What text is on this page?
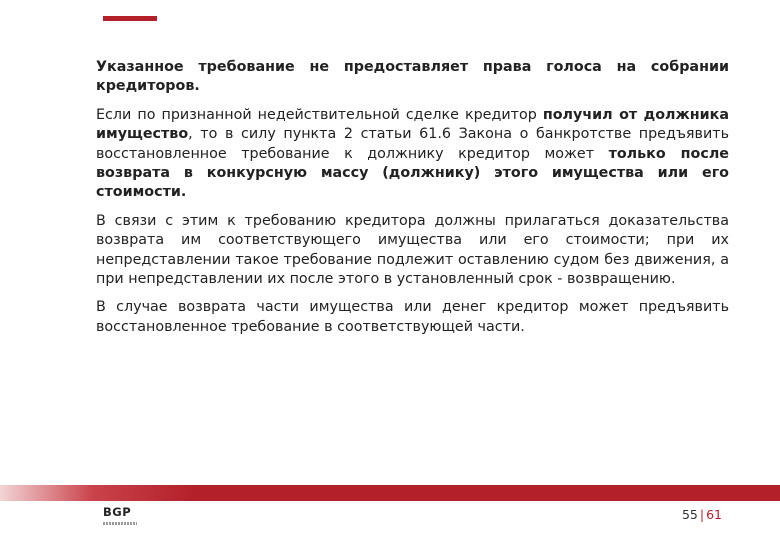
Указанное требование не предоставляет права голоса на собрании кредиторов.

Если по признанной недействительной сделке кредитор получил от должника имущество, то в силу пункта 2 статьи 61.6 Закона о банкротстве предъявить восстановленное требование к должнику кредитор может только после возврата в конкурсную массу (должнику) этого имущества или его стоимости.

В связи с этим к требованию кредитора должны прилагаться доказательства возврата им соответствующего имущества или его стоимости; при их непредставлении такое требование подлежит оставлению судом без движения, а при непредставлении их после этого в установленный срок - возвращению.

В случае возврата части имущества или денег кредитор может предъявить восстановленное требование в соответствующей части.

BGP	55 | 61
